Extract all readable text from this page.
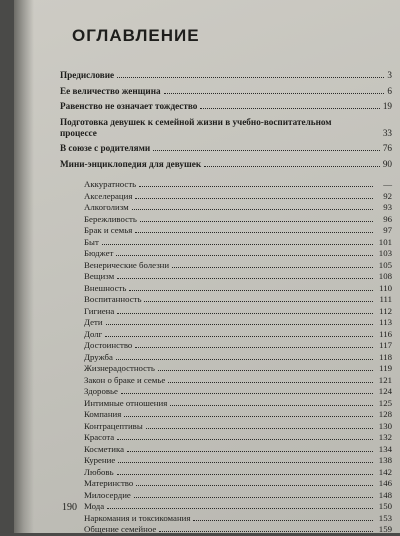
ОГЛАВЛЕНИЕ
Предисловие	3
Ее величество женщина	6
Равенство не означает тождество	19
Подготовка девушек к семейной жизни в учебно-воспитательном процессе	33
В союзе с родителями	76
Мини-энциклопедия для девушек	90
Аккуратность	—
Акселерация	92
Алкоголизм	93
Бережливость	96
Брак и семья	97
Быт	101
Бюджет	103
Венерические болезни	105
Вещизм	108
Внешность	110
Воспитанность	111
Гигиена	112
Дети	113
Долг	116
Достоинство	117
Дружба	118
Жизнерадостность	119
Закон о браке и семье	121
Здоровье	124
Интимные отношения	125
Компания	128
Контрацептивы	130
Красота	132
Косметика	134
Курение	138
Любовь	142
Материнство	146
Милосердие	148
Мода	150
Наркомания и токсикомания	153
Общение семейное	159
190
